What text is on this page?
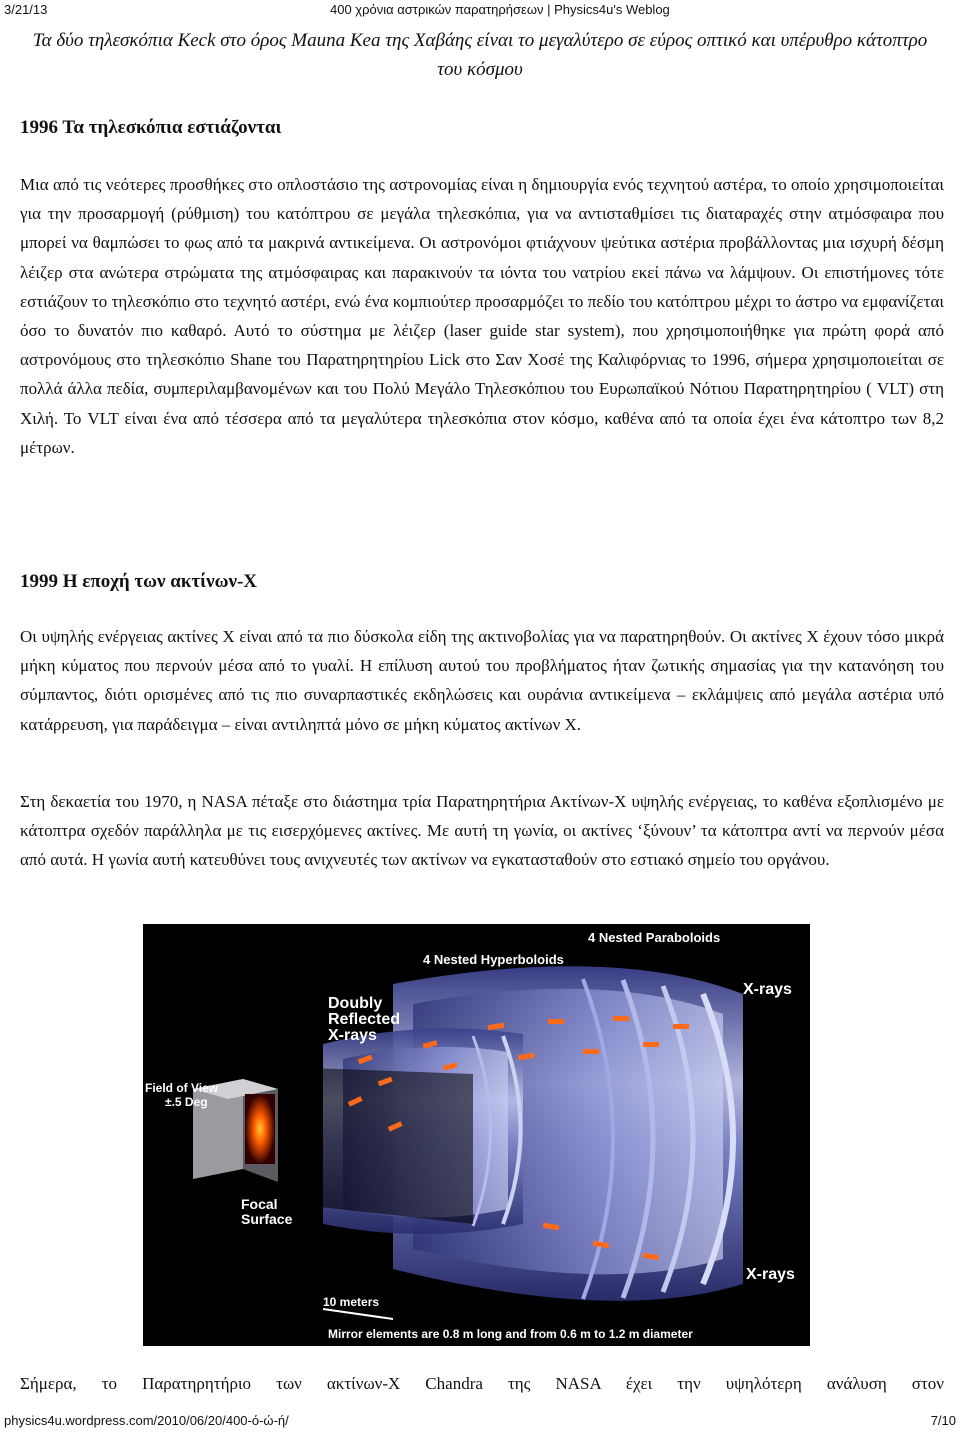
3/21/13	400 χρόνια αστρικών παρατηρήσεων | Physics4u's Weblog
Τα δύο τηλεσκόπια Keck στο όρος Mauna Kea της Χαβάης είναι το μεγαλύτερο σε εύρος οπτικό και υπέρυθρο κάτοπτρο του κόσμου
1996 Τα τηλεσκόπια εστιάζονται

Μια από τις νεότερες προσθήκες στο οπλοστάσιο της αστρονομίας είναι η δημιουργία ενός τεχνητού αστέρα, το οποίο χρησιμοποιείται για την προσαρμογή (ρύθμιση) του κατόπτρου σε μεγάλα τηλεσκόπια, για να αντισταθμίσει τις διαταραχές στην ατμόσφαιρα που μπορεί να θαμπώσει το φως από τα μακρινά αντικείμενα. Οι αστρονόμοι φτιάχνουν ψεύτικα αστέρια προβάλλοντας μια ισχυρή δέσμη λέιζερ στα ανώτερα στρώματα της ατμόσφαιρας και παρακινούν τα ιόντα του νατρίου εκεί πάνω να λάμψουν. Οι επιστήμονες τότε εστιάζουν το τηλεσκόπιο στο τεχνητό αστέρι, ενώ ένα κομπιούτερ προσαρμόζει το πεδίο του κατόπτρου μέχρι το άστρο να εμφανίζεται όσο το δυνατόν πιο καθαρό. Αυτό το σύστημα με λέιζερ (laser guide star system), που χρησιμοποιήθηκε για πρώτη φορά από αστρονόμους στο τηλεσκόπιο Shane του Παρατηρητηρίου Lick στο Σαν Χοσέ της Καλιφόρνιας το 1996, σήμερα χρησιμοποιείται σε πολλά άλλα πεδία, συμπεριλαμβανομένων και του Πολύ Μεγάλο Τηλεσκόπιου του Ευρωπαϊκού Νότιου Παρατηρητηρίου ( VLT) στη Χιλή. Το VLT είναι ένα από τέσσερα από τα μεγαλύτερα τηλεσκόπια στον κόσμο, καθένα από τα οποία έχει ένα κάτοπτρο των 8,2 μέτρων.

1999 Η εποχή των ακτίνων-Χ

Οι υψηλής ενέργειας ακτίνες Χ είναι από τα πιο δύσκολα είδη της ακτινοβολίας για να παρατηρηθούν. Οι ακτίνες Χ έχουν τόσο μικρά μήκη κύματος που περνούν μέσα από το γυαλί. Η επίλυση αυτού του προβλήματος ήταν ζωτικής σημασίας για την κατανόηση του σύμπαντος, διότι ορισμένες από τις πιο συναρπαστικές εκδηλώσεις και ουράνια αντικείμενα – εκλάμψεις από μεγάλα αστέρια υπό κατάρρευση, για παράδειγμα – είναι αντιληπτά μόνο σε μήκη κύματος ακτίνων Χ.

Στη δεκαετία του 1970, η NASA πέταξε στο διάστημα τρία Παρατηρητήρια Ακτίνων-Χ υψηλής ενέργειας, το καθένα εξοπλισμένο με κάτοπτρα σχεδόν παράλληλα με τις εισερχόμενες ακτίνες. Με αυτή τη γωνία, οι ακτίνες ‘ξύνουν’ τα κάτοπτρα αντί να περνούν μέσα από αυτά. Η γωνία αυτή κατευθύνει τους ανιχνευτές των ακτίνων να εγκατασταθούν στο εστιακό σημείο του οργάνου.

4 Nested Paraboloids
4 Nested Hyperboloids
X-rays
X-rays
Doubly
Reflected
X-rays
Field of View
±.5 Deg
Focal
Surface
10 meters
Mirror elements are 0.8 m long and from 0.6 m to 1.2 m diameter

Σήμερα, το Παρατηρητήριο των ακτίνων-Χ Chandra της NASA έχει την υψηλότερη ανάλυση στον

physics4u.wordpress.com/2010/06/20/400-ό-ώ-ή/	7/10
